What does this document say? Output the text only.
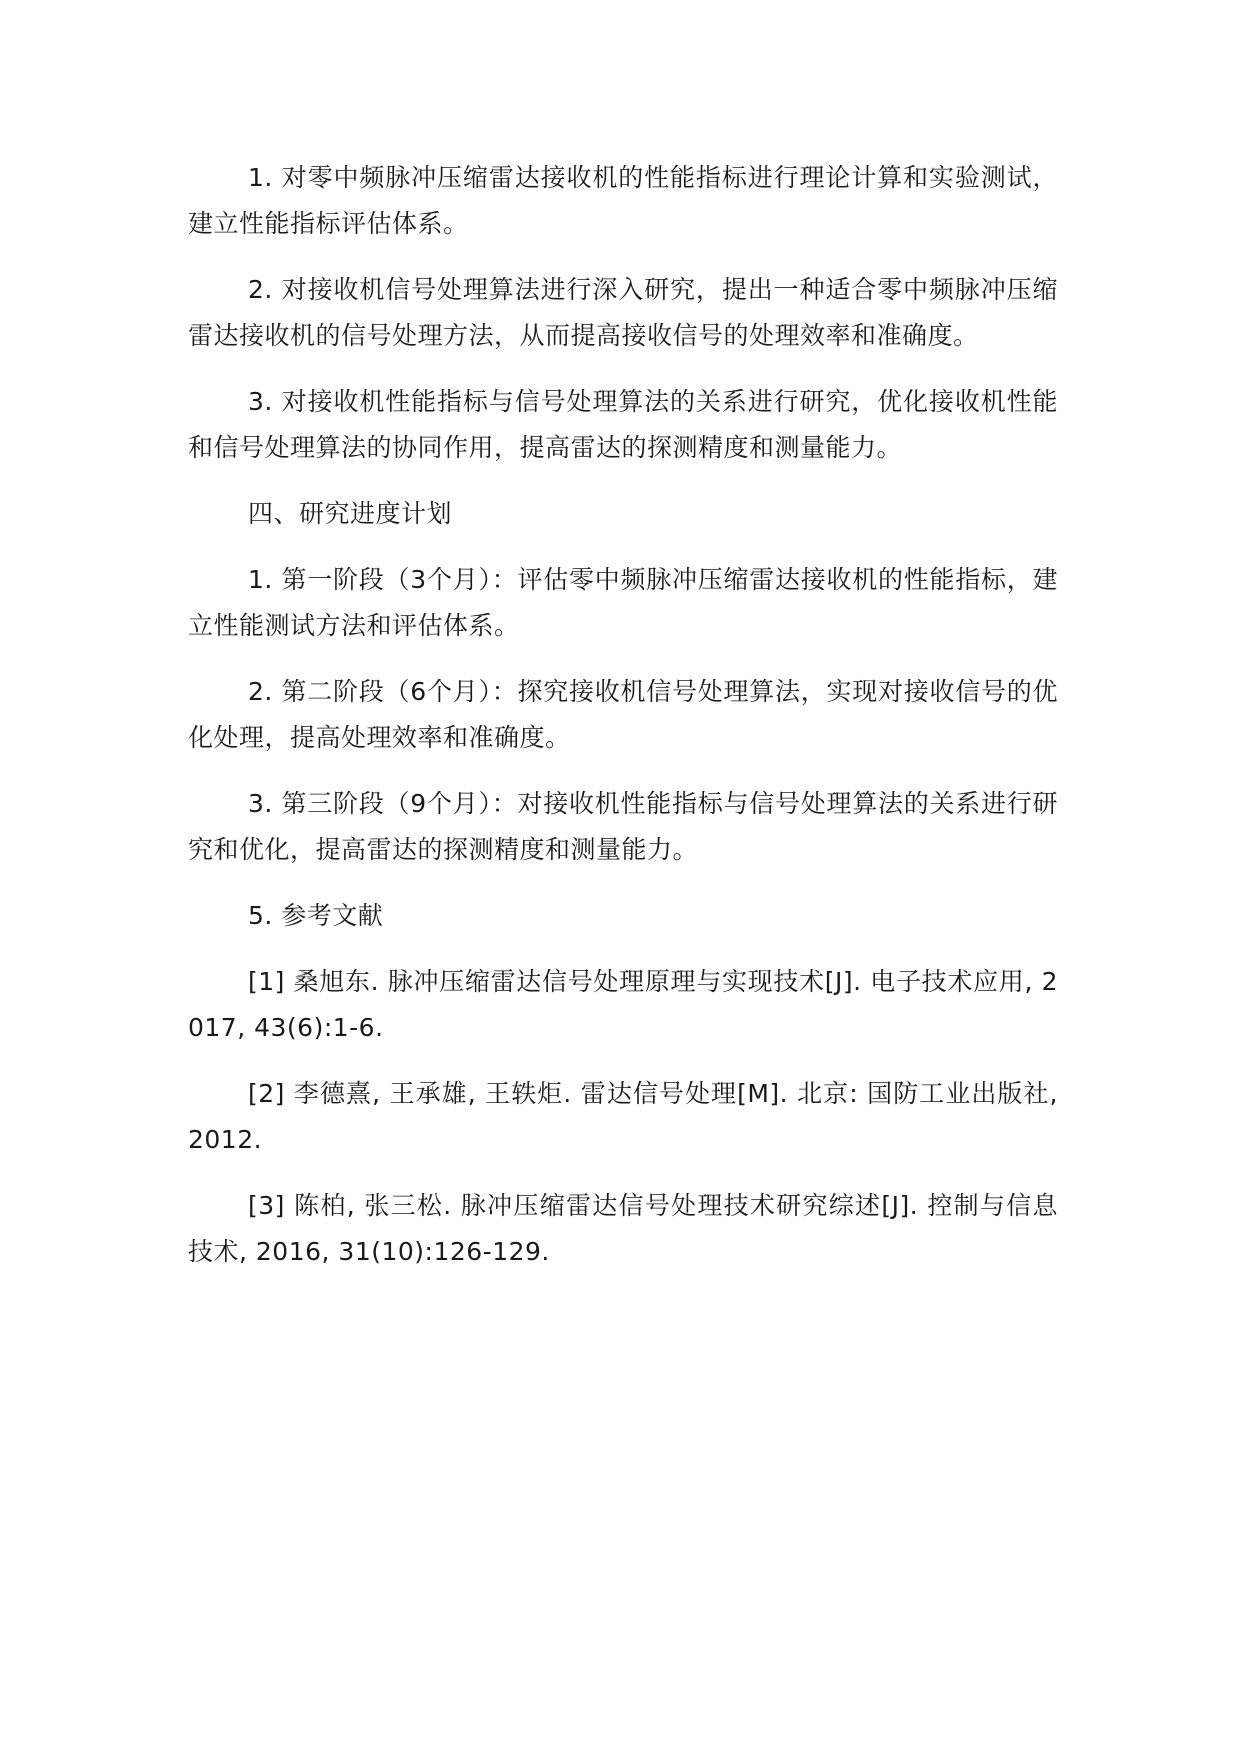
1. 对零中频脉冲压缩雷达接收机的性能指标进行理论计算和实验测试，建立性能指标评估体系。

2. 对接收机信号处理算法进行深入研究，提出一种适合零中频脉冲压缩雷达接收机的信号处理方法，从而提高接收信号的处理效率和准确度。

3. 对接收机性能指标与信号处理算法的关系进行研究，优化接收机性能和信号处理算法的协同作用，提高雷达的探测精度和测量能力。

四、研究进度计划

1. 第一阶段（3个月）：评估零中频脉冲压缩雷达接收机的性能指标，建立性能测试方法和评估体系。

2. 第二阶段（6个月）：探究接收机信号处理算法，实现对接收信号的优化处理，提高处理效率和准确度。

3. 第三阶段（9个月）：对接收机性能指标与信号处理算法的关系进行研究和优化，提高雷达的探测精度和测量能力。

5. 参考文献

[1] 桑旭东. 脉冲压缩雷达信号处理原理与实现技术[J]. 电子技术应用, 2017, 43(6):1-6.

[2] 李德熹, 王承雄, 王轶炬. 雷达信号处理[M]. 北京: 国防工业出版社, 2012.

[3] 陈柏, 张三松. 脉冲压缩雷达信号处理技术研究综述[J]. 控制与信息技术, 2016, 31(10):126-129.
